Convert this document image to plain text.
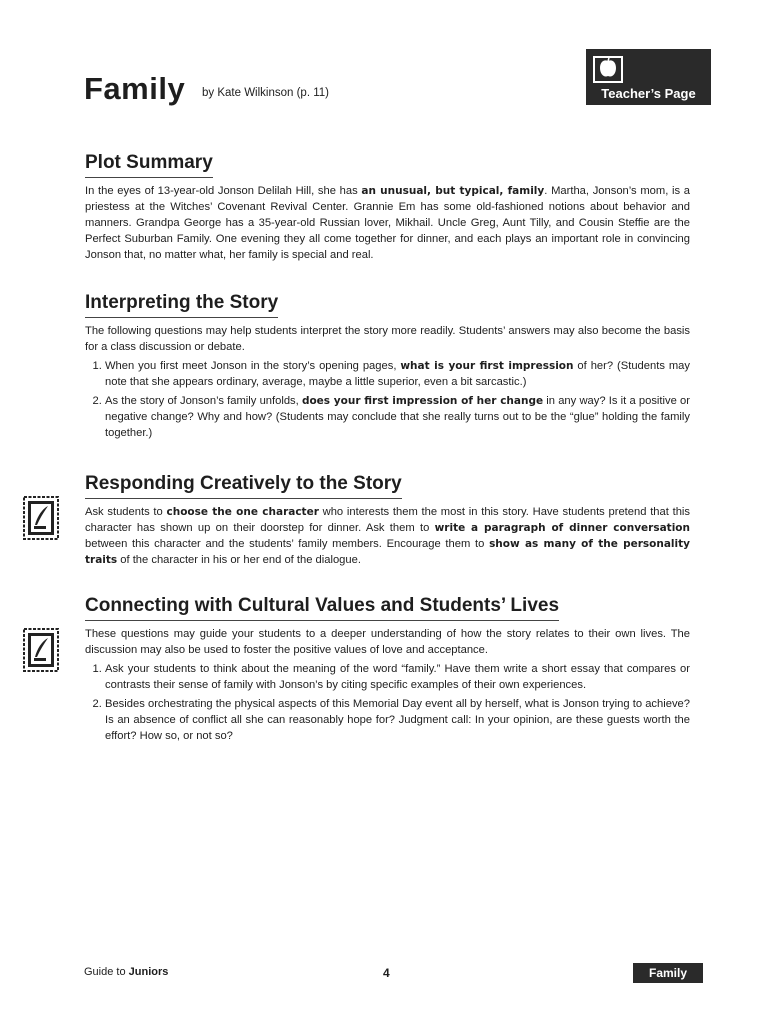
Family by Kate Wilkinson (p. 11)	Teacher’s Page
Plot Summary

In the eyes of 13-year-old Jonson Delilah Hill, she has an unusual, but typical, family. Martha, Jonson’s mom, is a priestess at the Witches’ Covenant Revival Center. Grannie Em has some old-fashioned notions about behavior and manners. Grandpa George has a 35-year-old Russian lover, Mikhail. Uncle Greg, Aunt Tilly, and Cousin Steffie are the Perfect Suburban Family. One evening they all come together for dinner, and each plays an important role in convincing Jonson that, no matter what, her family is special and real.

Interpreting the Story

The following questions may help students interpret the story more readily. Students’ answers may also become the basis for a class discussion or debate.

1. When you first meet Jonson in the story’s opening pages, what is your first impression of her? (Students may note that she appears ordinary, average, maybe a little superior, even a bit sarcastic.)
2. As the story of Jonson’s family unfolds, does your first impression of her change in any way? Is it a positive or negative change? Why and how? (Students may conclude that she really turns out to be the “glue” holding the family together.)
Responding Creatively to the Story

Ask students to choose the one character who interests them the most in this story. Have students pretend that this character has shown up on their doorstep for dinner. Ask them to write a paragraph of dinner conversation between this character and the students’ family members. Encourage them to show as many of the personality traits of the character in his or her end of the dialogue.

Connecting with Cultural Values and Students’ Lives

These questions may guide your students to a deeper understanding of how the story relates to their own lives. The discussion may also be used to foster the positive values of love and acceptance.

1. Ask your students to think about the meaning of the word “family.” Have them write a short essay that compares or contrasts their sense of family with Jonson’s by citing specific examples of their own experiences.
2. Besides orchestrating the physical aspects of this Memorial Day event all by herself, what is Jonson trying to achieve? Is an absence of conflict all she can reasonably hope for? Judgment call: In your opinion, are these guests worth the effort? How so, or not so?
Guide to Juniors	4	Family
